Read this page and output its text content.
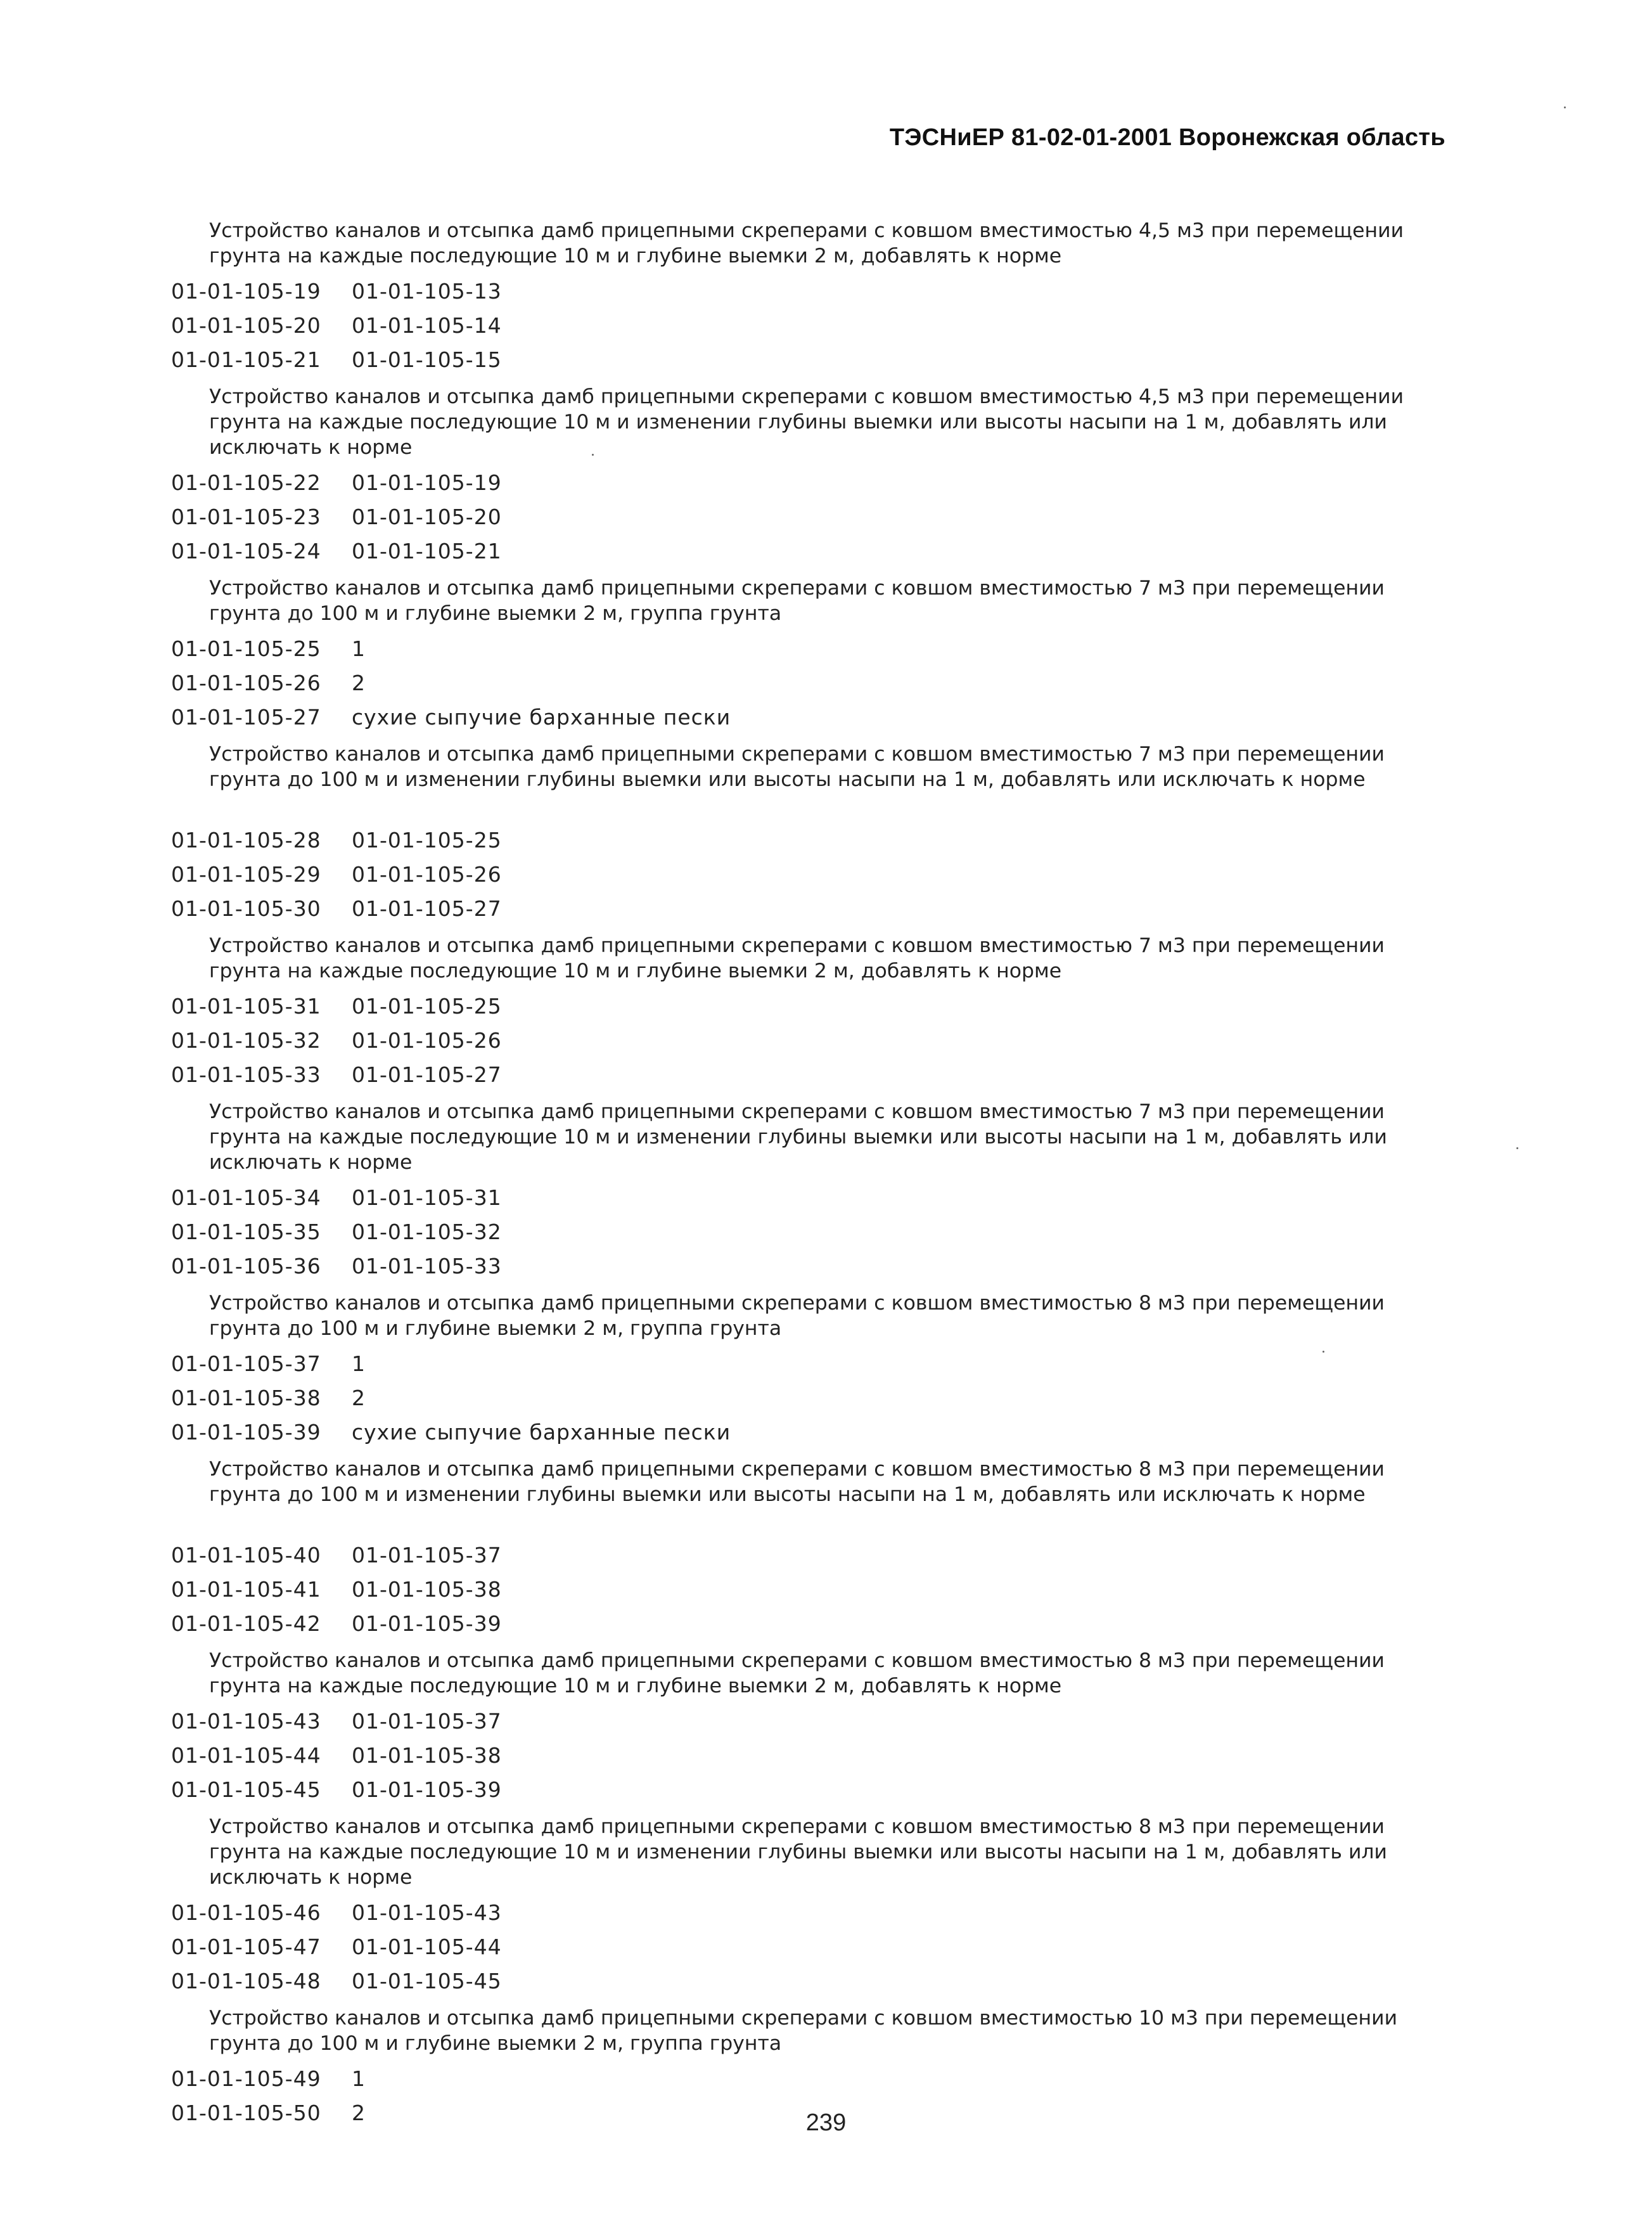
ТЭСНиЕР 81-02-01-2001 Воронежская область
Устройство каналов и отсыпка дамб прицепными скреперами с ковшом вместимостью 4,5 м3 при перемещении грунта на каждые последующие 10 м и глубине выемки 2 м, добавлять к норме
01-01-105-19	01-01-105-13
01-01-105-20	01-01-105-14
01-01-105-21	01-01-105-15
Устройство каналов и отсыпка дамб прицепными скреперами с ковшом вместимостью 4,5 м3 при перемещении грунта на каждые последующие 10 м и изменении глубины выемки или высоты насыпи на 1 м, добавлять или исключать к норме
01-01-105-22	01-01-105-19
01-01-105-23	01-01-105-20
01-01-105-24	01-01-105-21
Устройство каналов и отсыпка дамб прицепными скреперами с ковшом вместимостью 7 м3 при перемещении грунта до 100 м и глубине выемки 2 м, группа грунта
01-01-105-25	1
01-01-105-26	2
01-01-105-27	сухие сыпучие барханные пески
Устройство каналов и отсыпка дамб прицепными скреперами с ковшом вместимостью 7 м3 при перемещении грунта до 100 м и изменении глубины выемки или высоты насыпи на 1 м, добавлять или исключать к норме
01-01-105-28	01-01-105-25
01-01-105-29	01-01-105-26
01-01-105-30	01-01-105-27
Устройство каналов и отсыпка дамб прицепными скреперами с ковшом вместимостью 7 м3 при перемещении грунта на каждые последующие 10 м и глубине выемки 2 м, добавлять к норме
01-01-105-31	01-01-105-25
01-01-105-32	01-01-105-26
01-01-105-33	01-01-105-27
Устройство каналов и отсыпка дамб прицепными скреперами с ковшом вместимостью 7 м3 при перемещении грунта на каждые последующие 10 м и изменении глубины выемки или высоты насыпи на 1 м, добавлять или исключать к норме
01-01-105-34	01-01-105-31
01-01-105-35	01-01-105-32
01-01-105-36	01-01-105-33
Устройство каналов и отсыпка дамб прицепными скреперами с ковшом вместимостью 8 м3 при перемещении грунта до 100 м и глубине выемки 2 м, группа грунта
01-01-105-37	1
01-01-105-38	2
01-01-105-39	сухие сыпучие барханные пески
Устройство каналов и отсыпка дамб прицепными скреперами с ковшом вместимостью 8 м3 при перемещении грунта до 100 м и изменении глубины выемки или высоты насыпи на 1 м, добавлять или исключать к норме
01-01-105-40	01-01-105-37
01-01-105-41	01-01-105-38
01-01-105-42	01-01-105-39
Устройство каналов и отсыпка дамб прицепными скреперами с ковшом вместимостью 8 м3 при перемещении грунта на каждые последующие 10 м и глубине выемки 2 м, добавлять к норме
01-01-105-43	01-01-105-37
01-01-105-44	01-01-105-38
01-01-105-45	01-01-105-39
Устройство каналов и отсыпка дамб прицепными скреперами с ковшом вместимостью 8 м3 при перемещении грунта на каждые последующие 10 м и изменении глубины выемки или высоты насыпи на 1 м, добавлять или исключать к норме
01-01-105-46	01-01-105-43
01-01-105-47	01-01-105-44
01-01-105-48	01-01-105-45
Устройство каналов и отсыпка дамб прицепными скреперами с ковшом вместимостью 10 м3 при перемещении грунта до 100 м и глубине выемки 2 м, группа грунта
01-01-105-49	1
01-01-105-50	2	239
